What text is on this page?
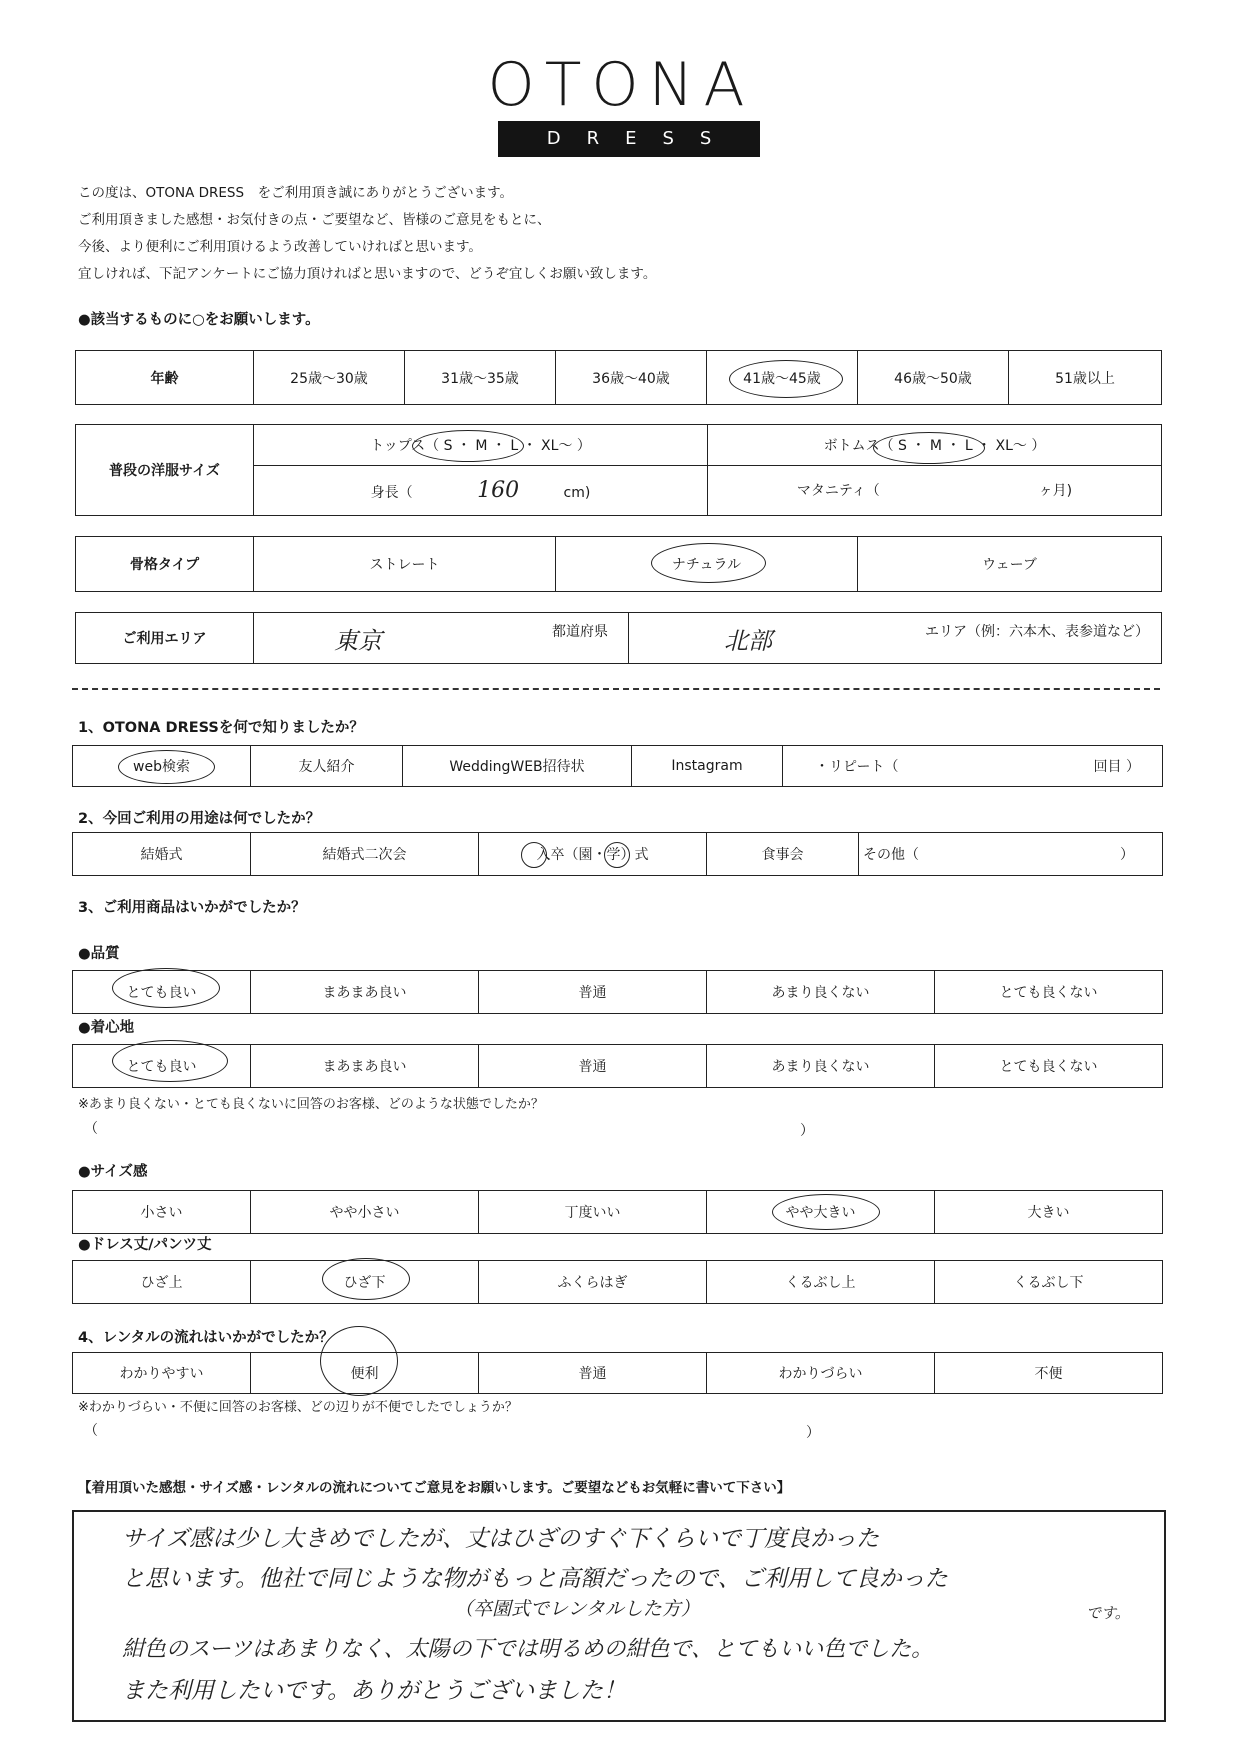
OTONA
DRESS
この度は、OTONA DRESS　をご利用頂き誠にありがとうございます。
ご利用頂きました感想・お気付きの点・ご要望など、皆様のご意見をもとに、
今後、より便利にご利用頂けるよう改善していければと思います。
宜しければ、下記アンケートにご協力頂ければと思いますので、どうぞ宜しくお願い致します。
●該当するものに○をお願いします。
年齢	25歳～30歳	31歳～35歳	36歳～40歳	41歳～45歳	46歳～50歳	51歳以上
普段の洋服サイズ	トップス（ S ・ M ・ L ・ XL～ ）	ボトムス（ S ・ M ・ L ・ XL～ ）
	身長（ 160 cm)	マタニティ（ ヶ月)
骨格タイプ	ストレート	ナチュラル	ウェーブ
ご利用エリア	東京	都道府県	北部	エリア（例：六本木、表参道など）
1、OTONA DRESSを何で知りましたか？
web検索	友人紹介	WeddingWEB招待状	Instagram	・リピート（	回目 ）
2、今回ご利用の用途は何でしたか？
結婚式	結婚式二次会	入卒（園・学）式	食事会	その他（	）
3、ご利用商品はいかがでしたか？
●品質
とても良い	まあまあ良い	普通	あまり良くない	とても良くない
●着心地
とても良い	まあまあ良い	普通	あまり良くない	とても良くない
※あまり良くない・とても良くないに回答のお客様、どのような状態でしたか？
（	）
●サイズ感
小さい	やや小さい	丁度いい	やや大きい	大きい
●ドレス丈/パンツ丈
ひざ上	ひざ下	ふくらはぎ	くるぶし上	くるぶし下
4、レンタルの流れはいかがでしたか？
わかりやすい	便利	普通	わかりづらい	不便
※わかりづらい・不便に回答のお客様、どの辺りが不便でしたでしょうか？
（	）
【着用頂いた感想・サイズ感・レンタルの流れについてご意見をお願いします。ご要望などもお気軽に書いて下さい】
サイズ感は少し大きめでしたが、丈はひざのすぐ下くらいで丁度良かった
と思います。他社で同じような物がもっと高額だったので、ご利用して良かった
（卒園式でレンタルした方）	です。
紺色のスーツはあまりなく、太陽の下では明るめの紺色で、とてもいい色でした。
また利用したいです。ありがとうございました！
